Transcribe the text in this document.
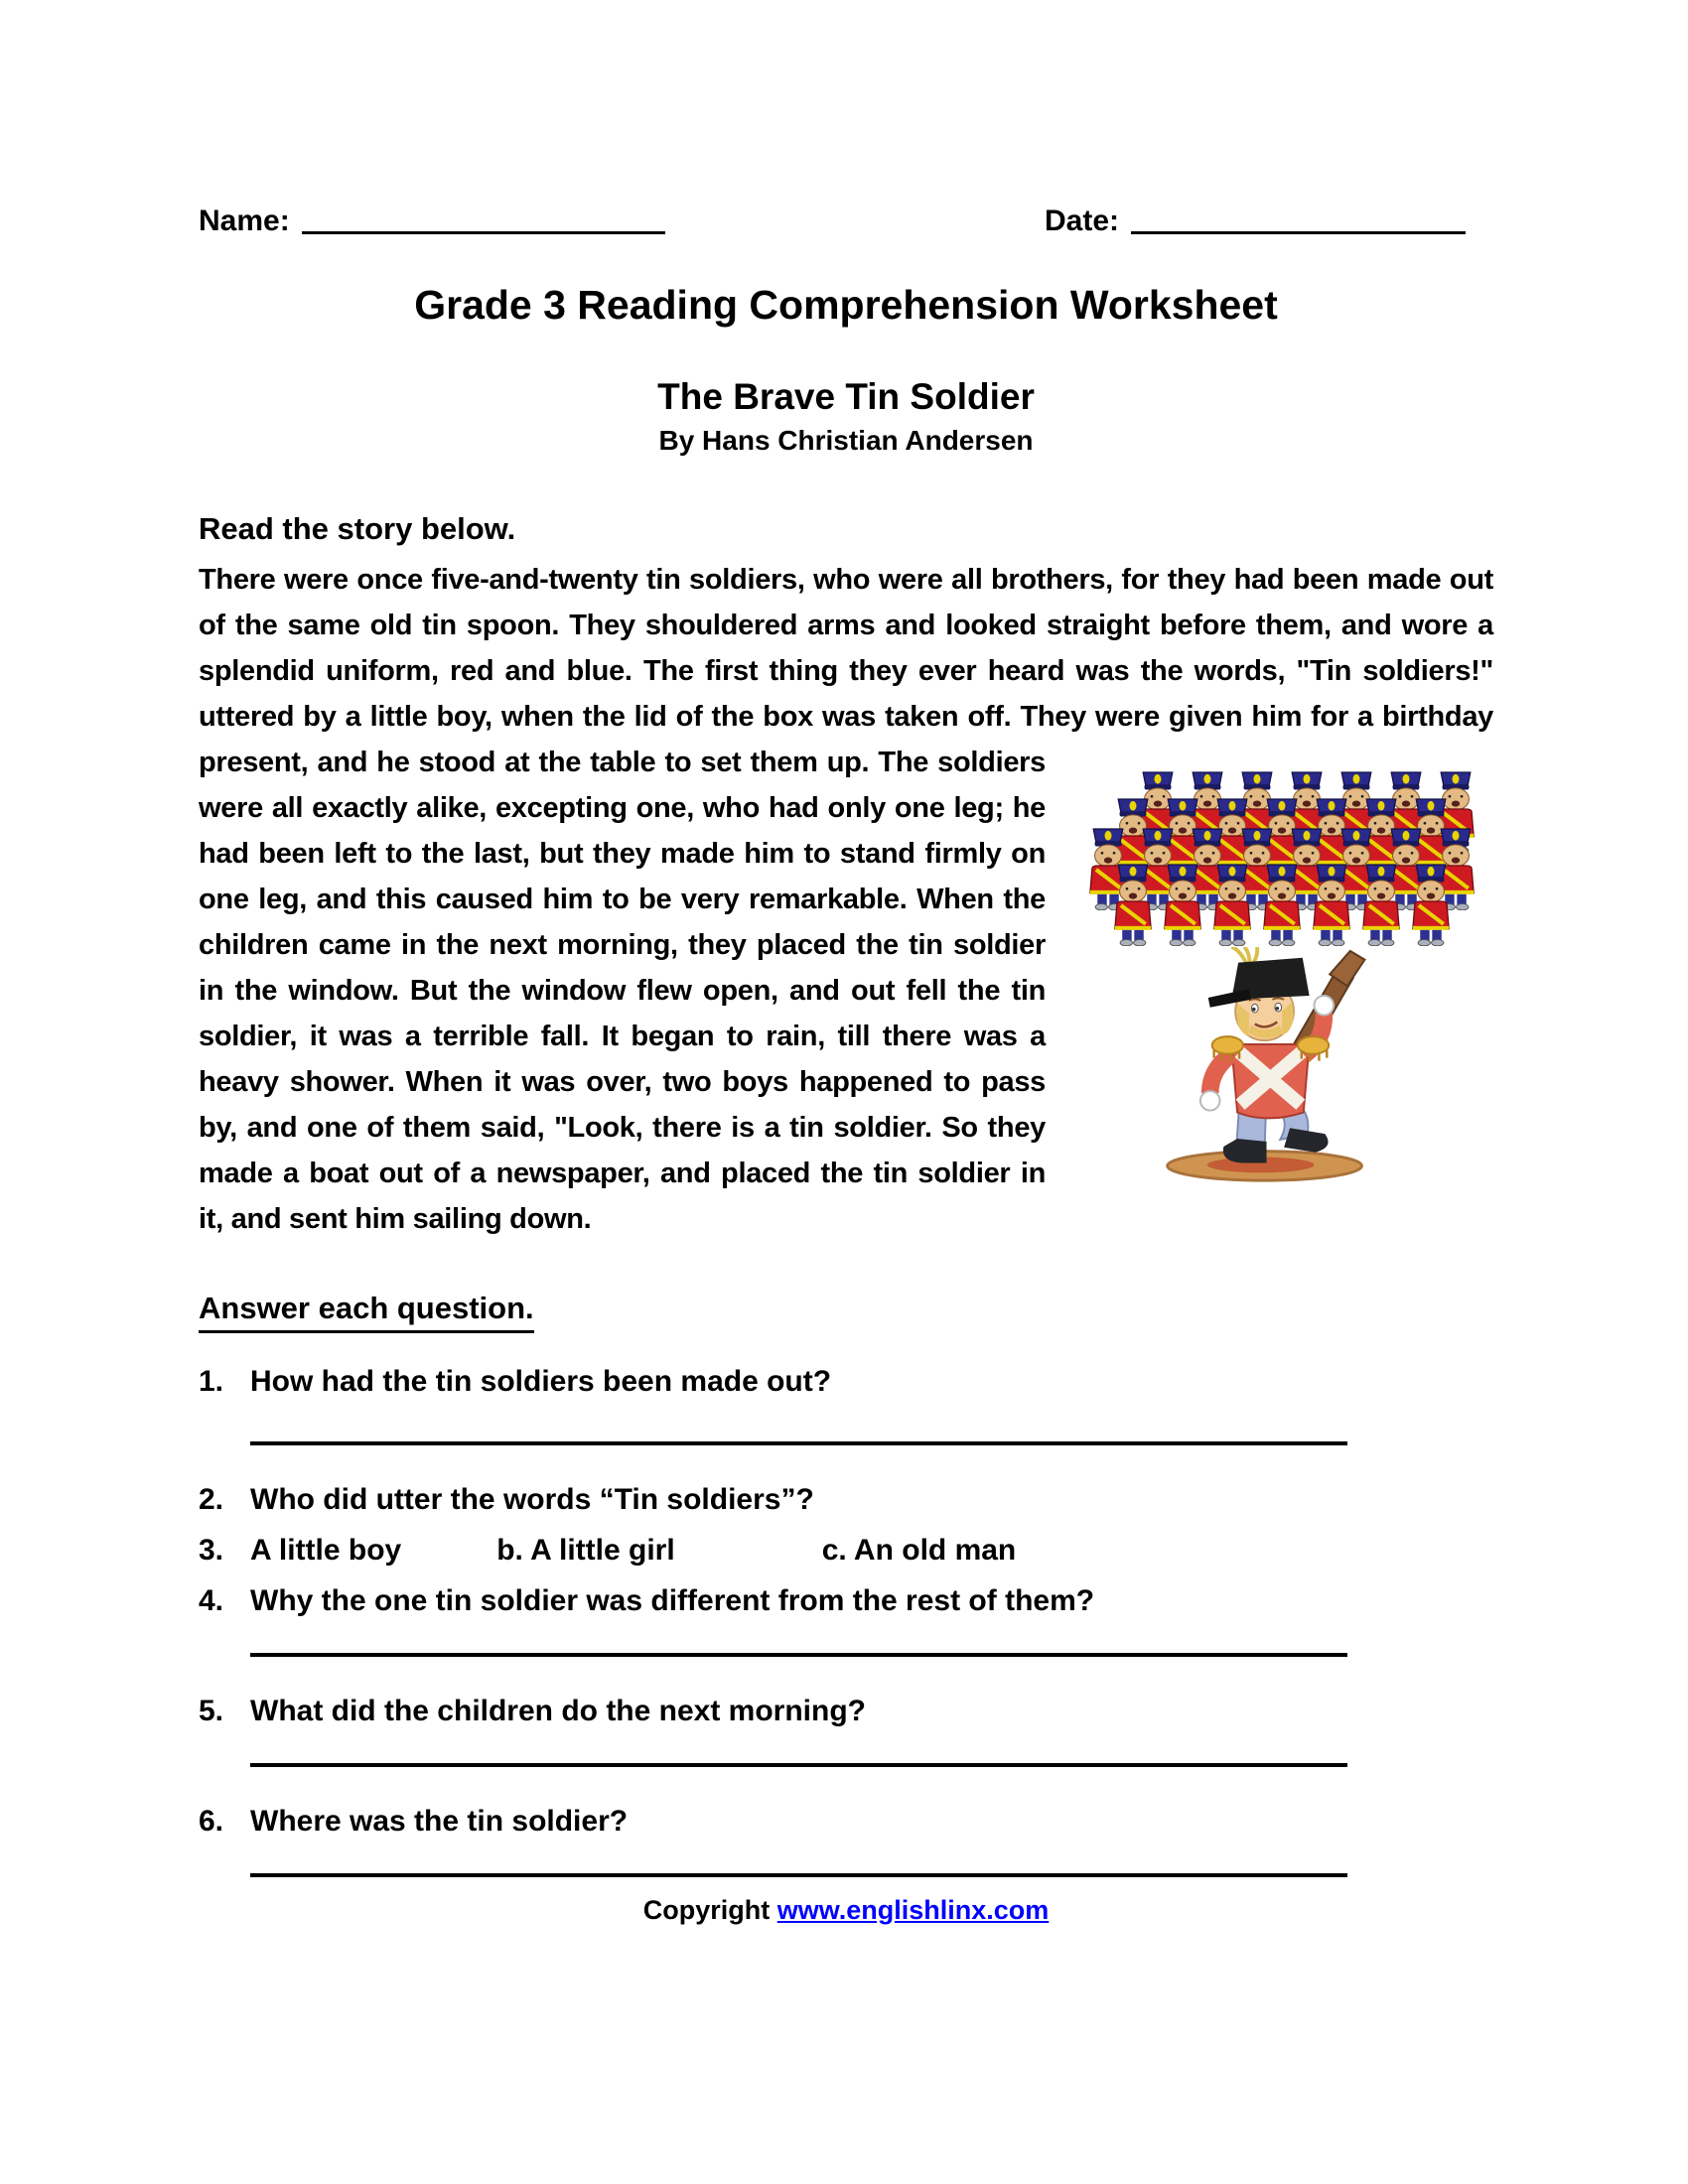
Name:	Date:
Grade 3 Reading Comprehension Worksheet
The Brave Tin Soldier
By Hans Christian Andersen
Read the story below.

There were once five-and-twenty tin soldiers, who were all brothers, for they had been made out of the same old tin spoon. They shouldered arms and looked straight before them, and wore a splendid uniform, red and blue. The first thing they ever heard was the words, "Tin soldiers!" uttered by a little boy, when the lid of the box was taken off. They were given him for a birthday
present, and he stood at the table to set them up. The soldiers were all exactly alike, excepting one, who had only one leg; he had been left to the last, but they made him to stand firmly on one leg, and this caused him to be very remarkable. When the children came in the next morning, they placed the tin soldier in the window. But the window flew open, and out fell the tin soldier, it was a terrible fall. It began to rain, till there was a heavy shower. When it was over, two boys happened to pass by, and one of them said, "Look, there is a tin soldier. So they made a boat out of a newspaper, and placed the tin soldier in it, and sent him sailing down.

Answer each question.
1. How had the tin soldiers been made out?
2. Who did utter the words “Tin soldiers”?
3. A little boy	b. A little girl	c. An old man
4. Why the one tin soldier was different from the rest of them?
5. What did the children do the next morning?
6. Where was the tin soldier?
Copyright www.englishlinx.com
